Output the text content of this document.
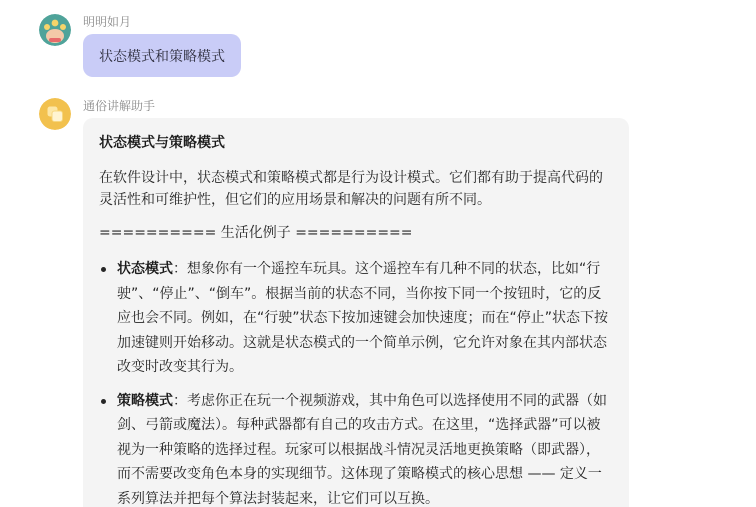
明明如月
状态模式和策略模式
通俗讲解助手
状态模式与策略模式
在软件设计中，状态模式和策略模式都是行为设计模式。它们都有助于提高代码的灵活性和可维护性，但它们的应用场景和解决的问题有所不同。
========== 生活化例子 ==========
状态模式：想象你有一个遥控车玩具。这个遥控车有几种不同的状态，比如“行驶”、“停止”、“倒车”。根据当前的状态不同，当你按下同一个按钮时，它的反应也会不同。例如，在“行驶”状态下按加速键会加快速度；而在“停止”状态下按加速键则开始移动。这就是状态模式的一个简单示例，它允许对象在其内部状态改变时改变其行为。
策略模式：考虑你正在玩一个视频游戏，其中角色可以选择使用不同的武器（如剑、弓箭或魔法）。每种武器都有自己的攻击方式。在这里，“选择武器”可以被视为一种策略的选择过程。玩家可以根据战斗情况灵活地更换策略（即武器），而不需要改变角色本身的实现细节。这体现了策略模式的核心思想 —— 定义一系列算法并把每个算法封装起来，让它们可以互换。
